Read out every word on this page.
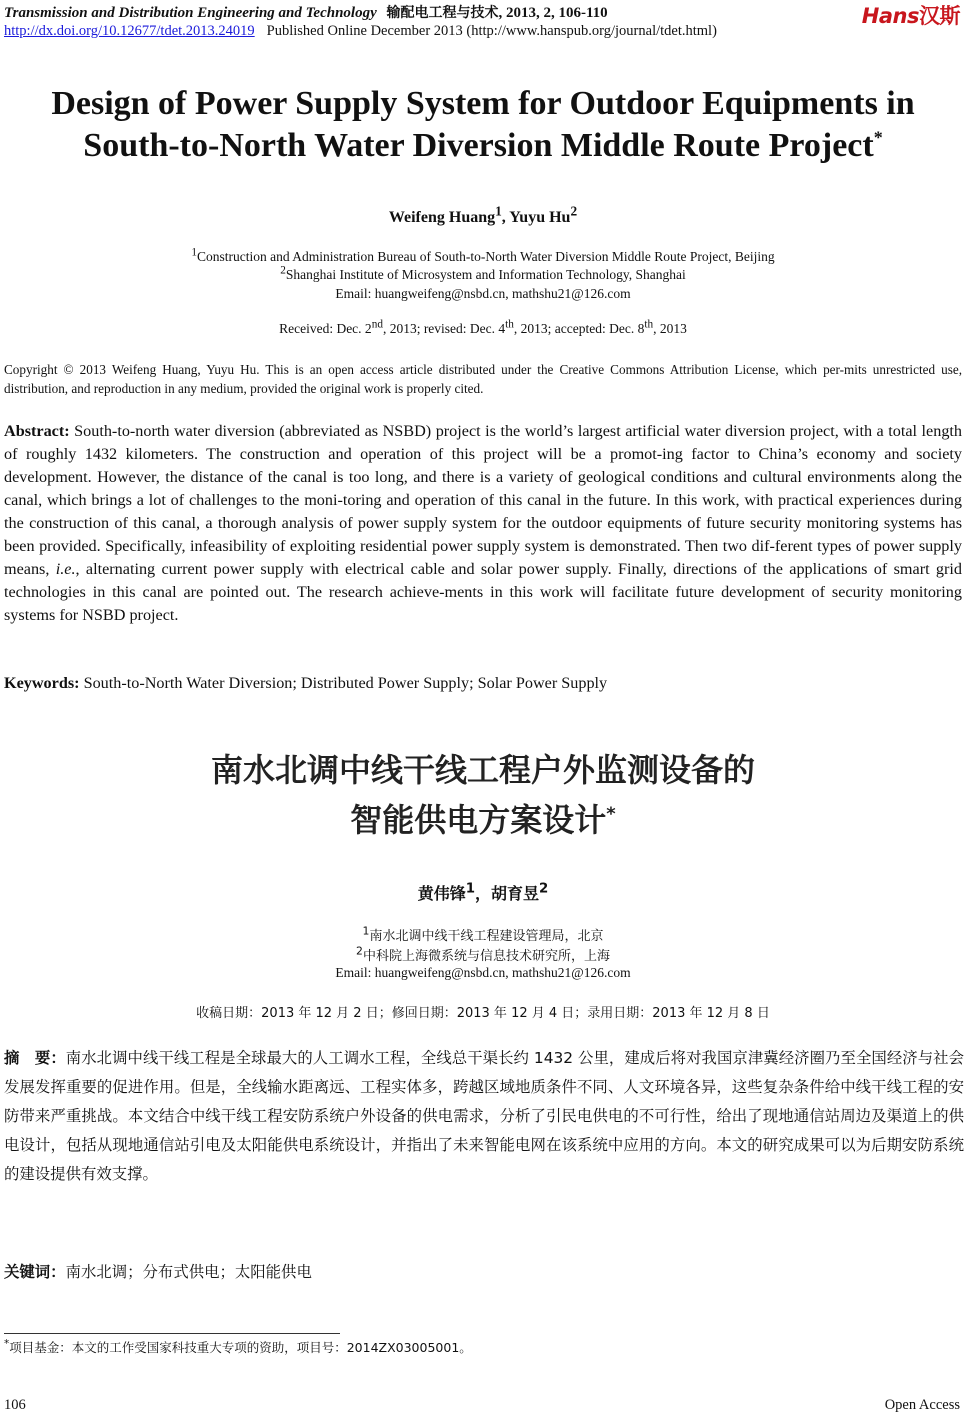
Transmission and Distribution Engineering and Technology 输配电工程与技术, 2013, 2, 106-110	Hans汉斯
http://dx.doi.org/10.12677/tdet.2013.24019 Published Online December 2013 (http://www.hanspub.org/journal/tdet.html)
Design of Power Supply System for Outdoor Equipments in
South-to-North Water Diversion Middle Route Project*
Weifeng Huang$^1$, Yuyu Hu$^2$
$^1$Construction and Administration Bureau of South-to-North Water Diversion Middle Route Project, Beijing
$^2$Shanghai Institute of Microsystem and Information Technology, Shanghai
Email: huangweifeng@nsbd.cn, mathshu21@126.com
Received: Dec. 2nd, 2013; revised: Dec. 4th, 2013; accepted: Dec. 8th, 2013
Copyright © 2013 Weifeng Huang, Yuyu Hu. This is an open access article distributed under the Creative Commons Attribution License, which per-mits unrestricted use, distribution, and reproduction in any medium, provided the original work is properly cited.
Abstract: South-to-north water diversion (abbreviated as NSBD) project is the world’s largest artificial water diversion project, with a total length of roughly 1432 kilometers. The construction and operation of this project will be a promot-ing factor to China’s economy and society development. However, the distance of the canal is too long, and there is a variety of geological conditions and cultural environments along the canal, which brings a lot of challenges to the moni-toring and operation of this canal in the future. In this work, with practical experiences during the construction of this canal, a thorough analysis of power supply system for the outdoor equipments of future security monitoring systems has been provided. Specifically, infeasibility of exploiting residential power supply system is demonstrated. Then two dif-ferent types of power supply means, i.e., alternating current power supply with electrical cable and solar power supply. Finally, directions of the applications of smart grid technologies in this canal are pointed out. The research achieve-ments in this work will facilitate future development of security monitoring systems for NSBD project.
Keywords: South-to-North Water Diversion; Distributed Power Supply; Solar Power Supply
南水北调中线干线工程户外监测设备的
智能供电方案设计*
黄伟锋$^1$，胡育昱$^2$
$^1$南水北调中线干线工程建设管理局，北京
$^2$中科院上海微系统与信息技术研究所，上海
Email: huangweifeng@nsbd.cn, mathshu21@126.com
收稿日期：2013 年 12 月 2 日；修回日期：2013 年 12 月 4 日；录用日期：2013 年 12 月 8 日
摘　要：南水北调中线干线工程是全球最大的人工调水工程，全线总干渠长约 1432 公里，建成后将对我国京津冀经济圈乃至全国经济与社会发展发挥重要的促进作用。但是，全线输水距离远、工程实体多，跨越区域地质条件不同、人文环境各异，这些复杂条件给中线干线工程的安防带来严重挑战。本文结合中线干线工程安防系统户外设备的供电需求，分析了引民电供电的不可行性，给出了现地通信站周边及渠道上的供电设计，包括从现地通信站引电及太阳能供电系统设计，并指出了未来智能电网在该系统中应用的方向。本文的研究成果可以为后期安防系统的建设提供有效支撑。
关键词：南水北调；分布式供电；太阳能供电
*项目基金：本文的工作受国家科技重大专项的资助，项目号：2014ZX03005001。
106	Open Access
